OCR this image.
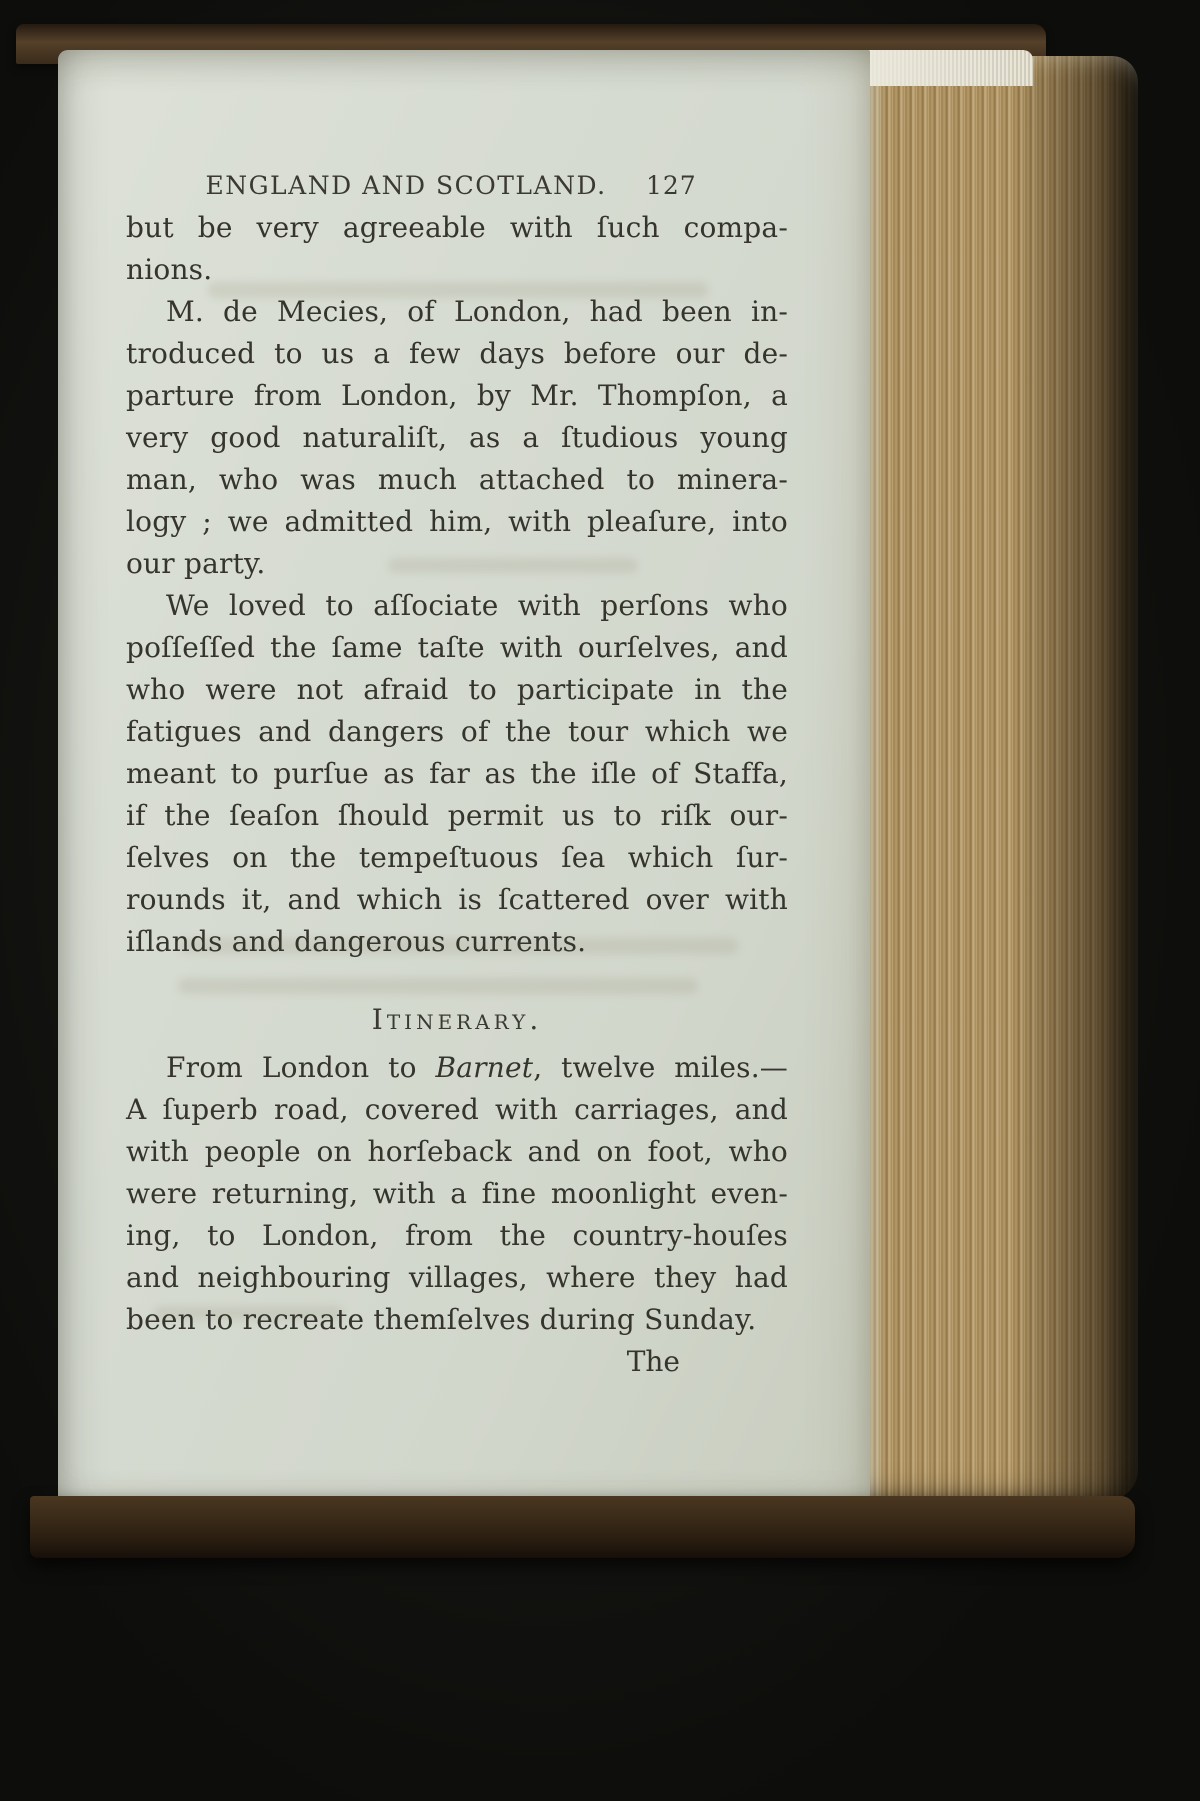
ENGLAND AND SCOTLAND.	127
but be very agreeable with ſuch compa-
nions.
M. de Mecies, of London, had been in-
troduced to us a few days before our de-
parture from London, by Mr. Thompſon, a
very good naturaliſt, as a ſtudious young
man, who was much attached to minera-
logy ; we admitted him, with pleaſure, into
our party.
We loved to aſſociate with perſons who
poſſeſſed the ſame taſte with ourſelves, and
who were not afraid to participate in the
fatigues and dangers of the tour which we
meant to purſue as far as the iſle of Staffa,
if the ſeaſon ſhould permit us to riſk our-
ſelves on the tempeſtuous ſea which ſur-
rounds it, and which is ſcattered over with
iſlands and dangerous currents.
Itinerary.
From London to Barnet, twelve miles.—
A ſuperb road, covered with carriages, and
with people on horſeback and on foot, who
were returning, with a fine moonlight even-
ing, to London, from the country-houſes
and neighbouring villages, where they had
been to recreate themſelves during Sunday.
The
